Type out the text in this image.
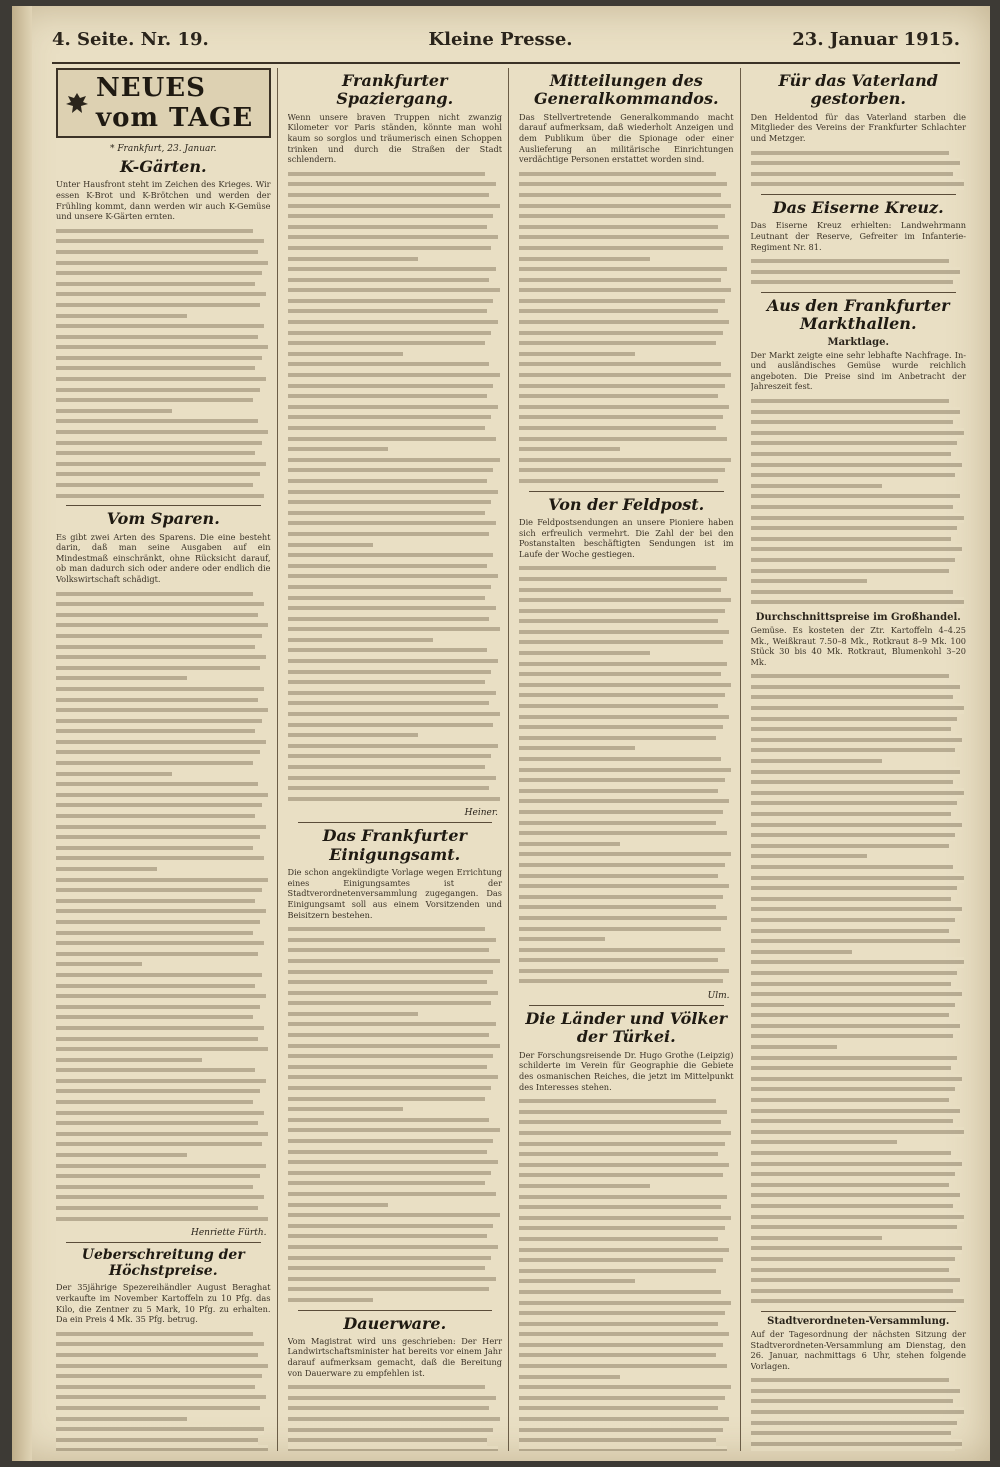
4. Seite. Nr. 19.	Kleine Presse.	23. Januar 1915.
NEUES vom TAGE
* Frankfurt, 23. Januar.
K-Gärten.

Unter Hausfront steht im Zeichen des Krieges. Wir essen K-Brot und K-Brötchen und werden der Frühling kommt, dann werden wir auch K-Gemüse und unsere K-Gärten ernten.

Vom Sparen.

Es gibt zwei Arten des Sparens. Die eine besteht darin, daß man seine Ausgaben auf ein Mindestmaß einschränkt, ohne Rücksicht darauf, ob man dadurch sich oder andere oder endlich die Volkswirtschaft schädigt.

Henriette Fürth.
Ueberschreitung der Höchstpreise.

Der 35jährige Spezereihändler August Beraghat verkaufte im November Kartoffeln zu 10 Pfg. das Kilo, die Zentner zu 5 Mark, 10 Pfg. zu erhalten. Da ein Preis 4 Mk. 35 Pfg. betrug.

Frankfurter Spaziergang.

Wenn unsere braven Truppen nicht zwanzig Kilometer vor Paris ständen, könnte man wohl kaum so sorglos und träumerisch einen Schoppen trinken und durch die Straßen der Stadt schlendern.

Heiner.
Das Frankfurter Einigungsamt.

Die schon angekündigte Vorlage wegen Errichtung eines Einigungsamtes ist der Stadtverordnetenversammlung zugegangen. Das Einigungsamt soll aus einem Vorsitzenden und Beisitzern bestehen.

Dauerware.

Vom Magistrat wird uns geschrieben: Der Herr Landwirtschaftsminister hat bereits vor einem Jahr darauf aufmerksam gemacht, daß die Bereitung von Dauerware zu empfehlen ist.

Mitteilungen des Generalkommandos.

Das Stellvertretende Generalkommando macht darauf aufmerksam, daß wiederholt Anzeigen und dem Publikum über die Spionage oder einer Auslieferung an militärische Einrichtungen verdächtige Personen erstattet worden sind.

Von der Feldpost.

Die Feldpostsendungen an unsere Pioniere haben sich erfreulich vermehrt. Die Zahl der bei den Postanstalten beschäftigten Sendungen ist im Laufe der Woche gestiegen.

Ulm.
Die Länder und Völker der Türkei.

Der Forschungsreisende Dr. Hugo Grothe (Leipzig) schilderte im Verein für Geographie die Gebiete des osmanischen Reiches, die jetzt im Mittelpunkt des Interesses stehen.

Für das Vaterland gestorben.

Den Heldentod für das Vaterland starben die Mitglieder des Vereins der Frankfurter Schlachter und Metzger.

Das Eiserne Kreuz.

Das Eiserne Kreuz erhielten: Landwehrmann Leutnant der Reserve, Gefreiter im Infanterie-Regiment Nr. 81.

Aus den Frankfurter Markthallen.
Marktlage.

Der Markt zeigte eine sehr lebhafte Nachfrage. In- und ausländisches Gemüse wurde reichlich angeboten. Die Preise sind im Anbetracht der Jahreszeit fest.

Durchschnittspreise im Großhandel.

Gemüse. Es kosteten der Ztr. Kartoffeln 4–4.25 Mk., Weißkraut 7.50–8 Mk., Rotkraut 8–9 Mk. 100 Stück 30 bis 40 Mk. Rotkraut, Blumenkohl 3–20 Mk.

Stadtverordneten-Versammlung.

Auf der Tagesordnung der nächsten Sitzung der Stadtverordneten-Versammlung am Dienstag, den 26. Januar, nachmittags 6 Uhr, stehen folgende Vorlagen.
